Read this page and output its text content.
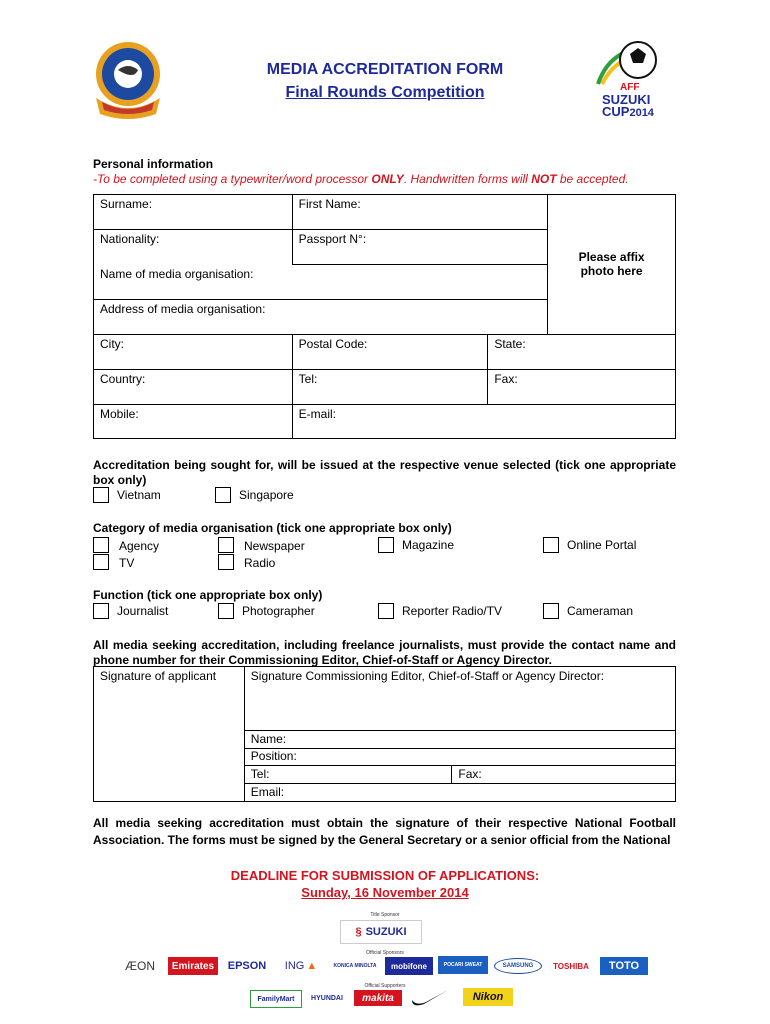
AFF
SUZUKI
CUP2014
MEDIA ACCREDITATION FORM
Final Rounds Competition
Personal information
-To be completed using a typewriter/word processor ONLY. Handwritten forms will NOT be accepted.
Surname:	First Name:		Please affix
photo here

Nationality:	Passport N°:		
Name of media organisation:			
Address of media organisation:			
City:	Postal Code:	State:	
Country:	Tel:	Fax:	
Mobile:	E-mail:		
Accreditation being sought for, will be issued at the respective venue selected (tick one appropriate box only)
Vietnam	Singapore
Category of media organisation (tick one appropriate box only)
Agency
TV
Newspaper
Radio
Magazine	Online Portal
Function (tick one appropriate box only)
Journalist	Photographer	Reporter Radio/TV	Cameraman
All media seeking accreditation, including freelance journalists, must provide the contact name and phone number for their Commissioning Editor, Chief-of-Staff or Agency Director.
Signature of applicant	Signature Commissioning Editor, Chief-of-Staff or Agency Director:	
	Name:	
	Position:	
	Tel:	Fax:
	Email:	
All media seeking accreditation must obtain the signature of their respective National Football Association. The forms must be signed by the General Secretary or a senior official from the National
DEADLINE FOR SUBMISSION OF APPLICATIONS:
Sunday, 16 November 2014
Title Sponsor
§ SUZUKI
Official Sponsors
ÆON	Emirates	EPSON	ING ▲	KONICA MINOLTA	mobifone	POCARI SWEAT	SAMSUNG	TOSHIBA	TOTO
Official Supporters
FamilyMart	HYUNDAI	makita	Nikon
